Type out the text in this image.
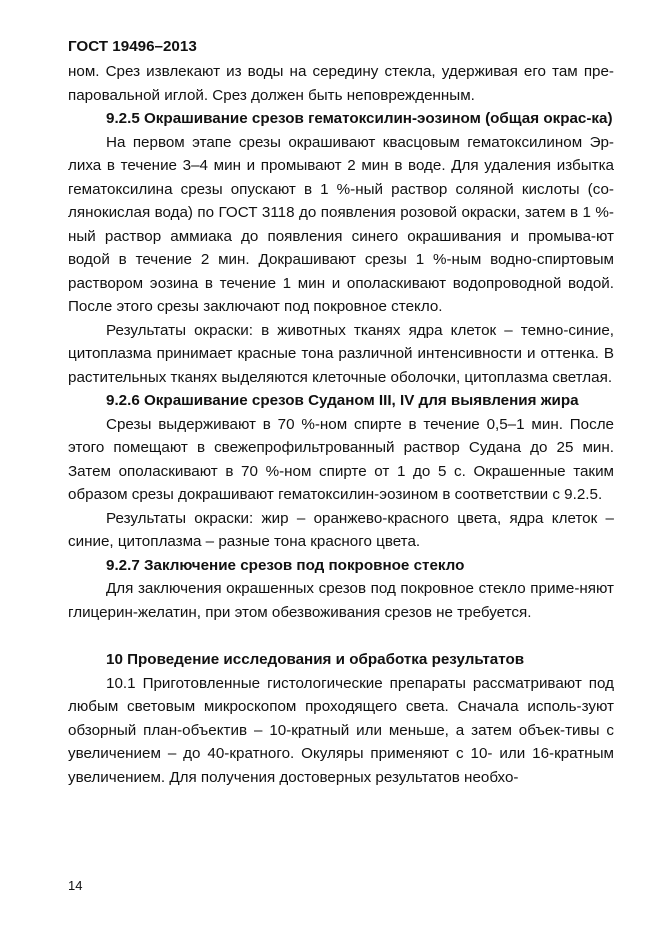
ГОСТ 19496–2013

ном. Срез извлекают из воды на середину стекла, удерживая его там пре-паровальной иглой. Срез должен быть неповрежденным.

9.2.5 Окрашивание срезов гематоксилин-эозином (общая окрас-ка)

На первом этапе срезы окрашивают квасцовым гематоксилином Эр-лиха в течение 3–4 мин и промывают 2 мин в воде. Для удаления избытка гематоксилина срезы опускают в 1 %-ный раствор соляной кислоты (со-лянокислая вода) по ГОСТ 3118 до появления розовой окраски, затем в 1 %-ный раствор аммиака до появления синего окрашивания и промыва-ют водой в течение 2 мин. Докрашивают срезы 1 %-ным водно-спиртовым раствором эозина в течение 1 мин и ополаскивают водопроводной водой. После этого срезы заключают под покровное стекло.

Результаты окраски: в животных тканях ядра клеток – темно-синие, цитоплазма принимает красные тона различной интенсивности и оттенка. В растительных тканях выделяются клеточные оболочки, цитоплазма светлая.

9.2.6 Окрашивание срезов Суданом III, IV для выявления жира

Срезы выдерживают в 70 %-ном спирте в течение 0,5–1 мин. После этого помещают в свежепрофильтрованный раствор Судана до 25 мин. Затем ополаскивают в 70 %-ном спирте от 1 до 5 с. Окрашенные таким образом срезы докрашивают гематоксилин-эозином в соответствии с 9.2.5.

Результаты окраски: жир – оранжево-красного цвета, ядра клеток – синие, цитоплазма – разные тона красного цвета.

9.2.7 Заключение срезов под покровное стекло

Для заключения окрашенных срезов под покровное стекло приме-няют глицерин-желатин, при этом обезвоживания срезов не требуется.

10 Проведение исследования и обработка результатов

10.1 Приготовленные гистологические препараты рассматривают под любым световым микроскопом проходящего света. Сначала исполь-зуют обзорный план-объектив – 10-кратный или меньше, а затем объек-тивы с увеличением – до 40-кратного. Окуляры применяют с 10- или 16-кратным увеличением. Для получения достоверных результатов необхо-

14
